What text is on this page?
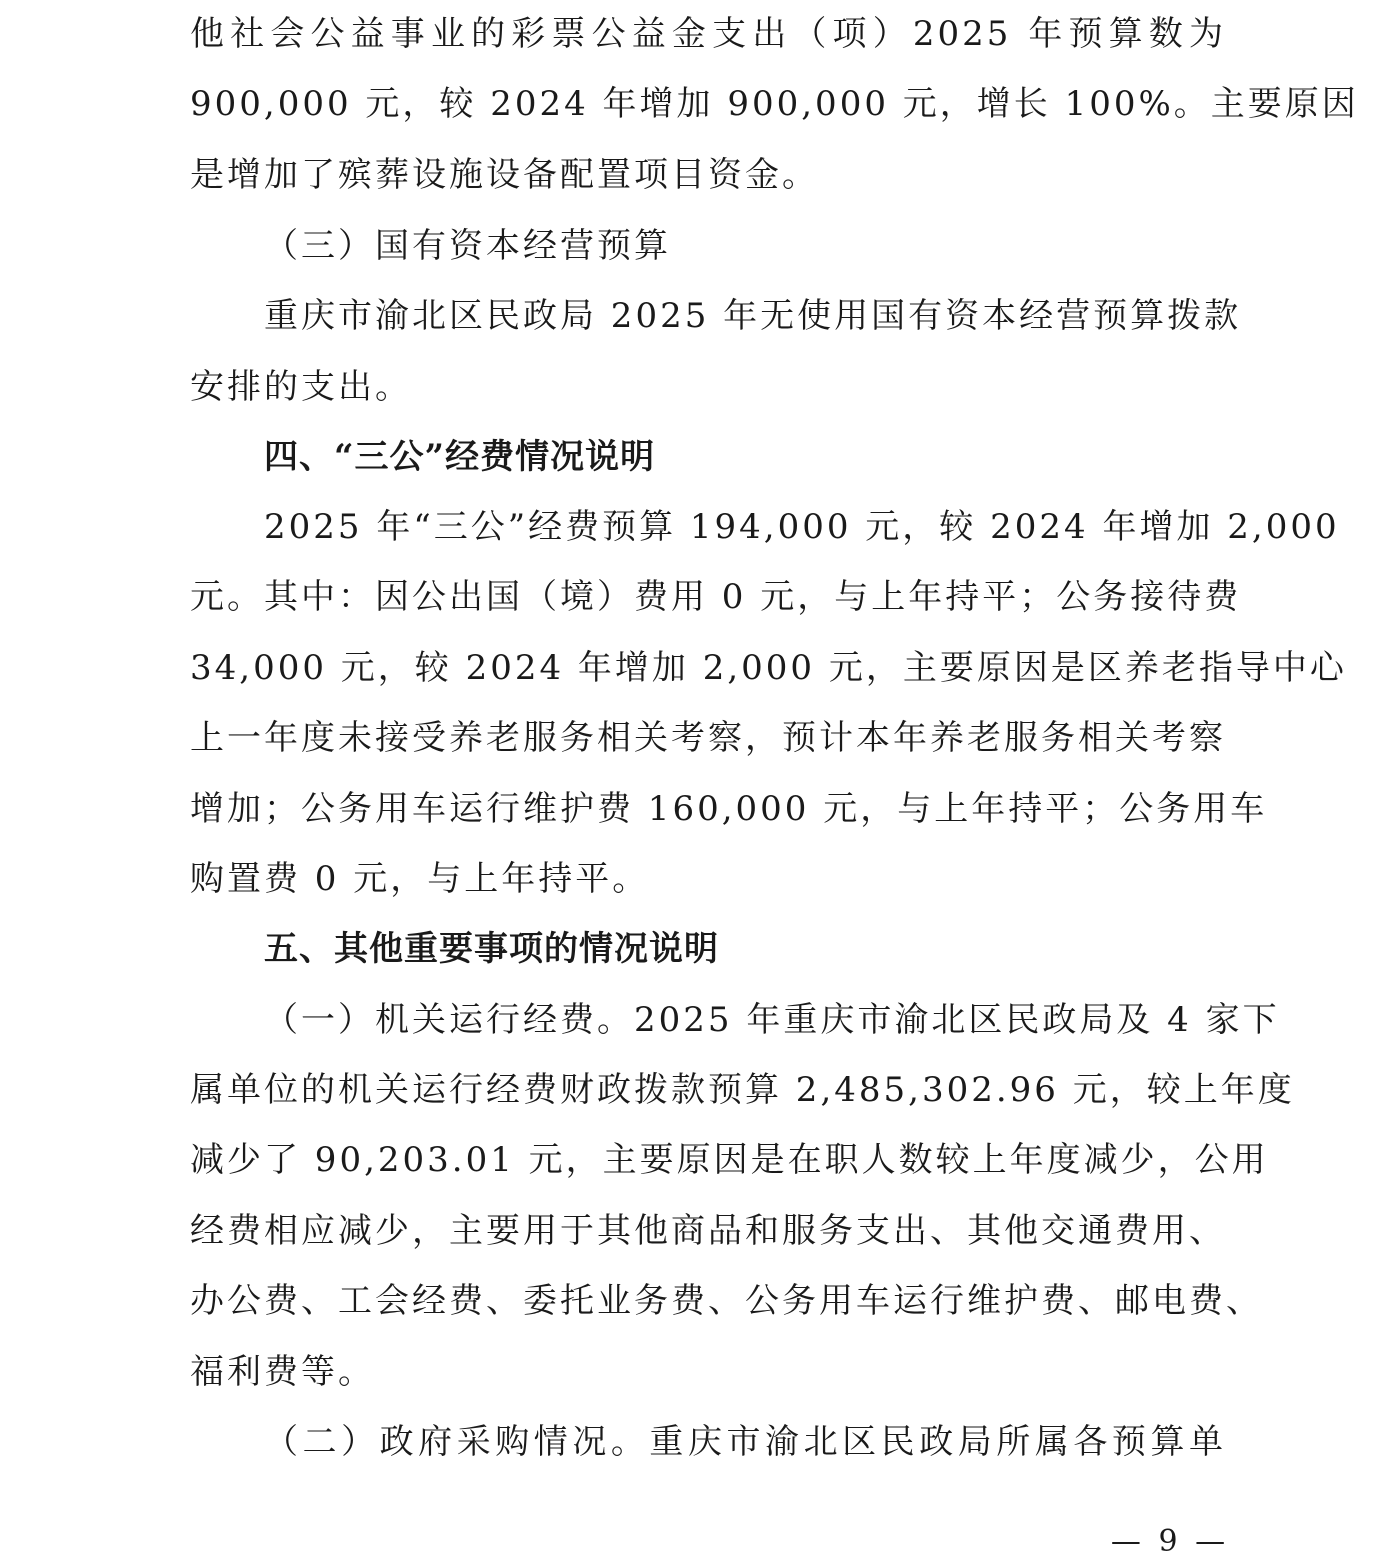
他社会公益事业的彩票公益金支出（项）2025 年预算数为
900,000 元，较 2024 年增加 900,000 元，增长 100%。主要原因
是增加了殡葬设施设备配置项目资金。
（三）国有资本经营预算
重庆市渝北区民政局 2025 年无使用国有资本经营预算拨款
安排的支出。
四、“三公”经费情况说明
2025 年“三公”经费预算 194,000 元，较 2024 年增加 2,000
元。其中：因公出国（境）费用 0 元，与上年持平；公务接待费
34,000 元，较 2024 年增加 2,000 元，主要原因是区养老指导中心
上一年度未接受养老服务相关考察，预计本年养老服务相关考察
增加；公务用车运行维护费 160,000 元，与上年持平；公务用车
购置费 0 元，与上年持平。
五、其他重要事项的情况说明
（一）机关运行经费。2025 年重庆市渝北区民政局及 4 家下
属单位的机关运行经费财政拨款预算 2,485,302.96 元，较上年度
减少了 90,203.01 元，主要原因是在职人数较上年度减少，公用
经费相应减少，主要用于其他商品和服务支出、其他交通费用、
办公费、工会经费、委托业务费、公务用车运行维护费、邮电费、
福利费等。
（二）政府采购情况。重庆市渝北区民政局所属各预算单
— 9 —
